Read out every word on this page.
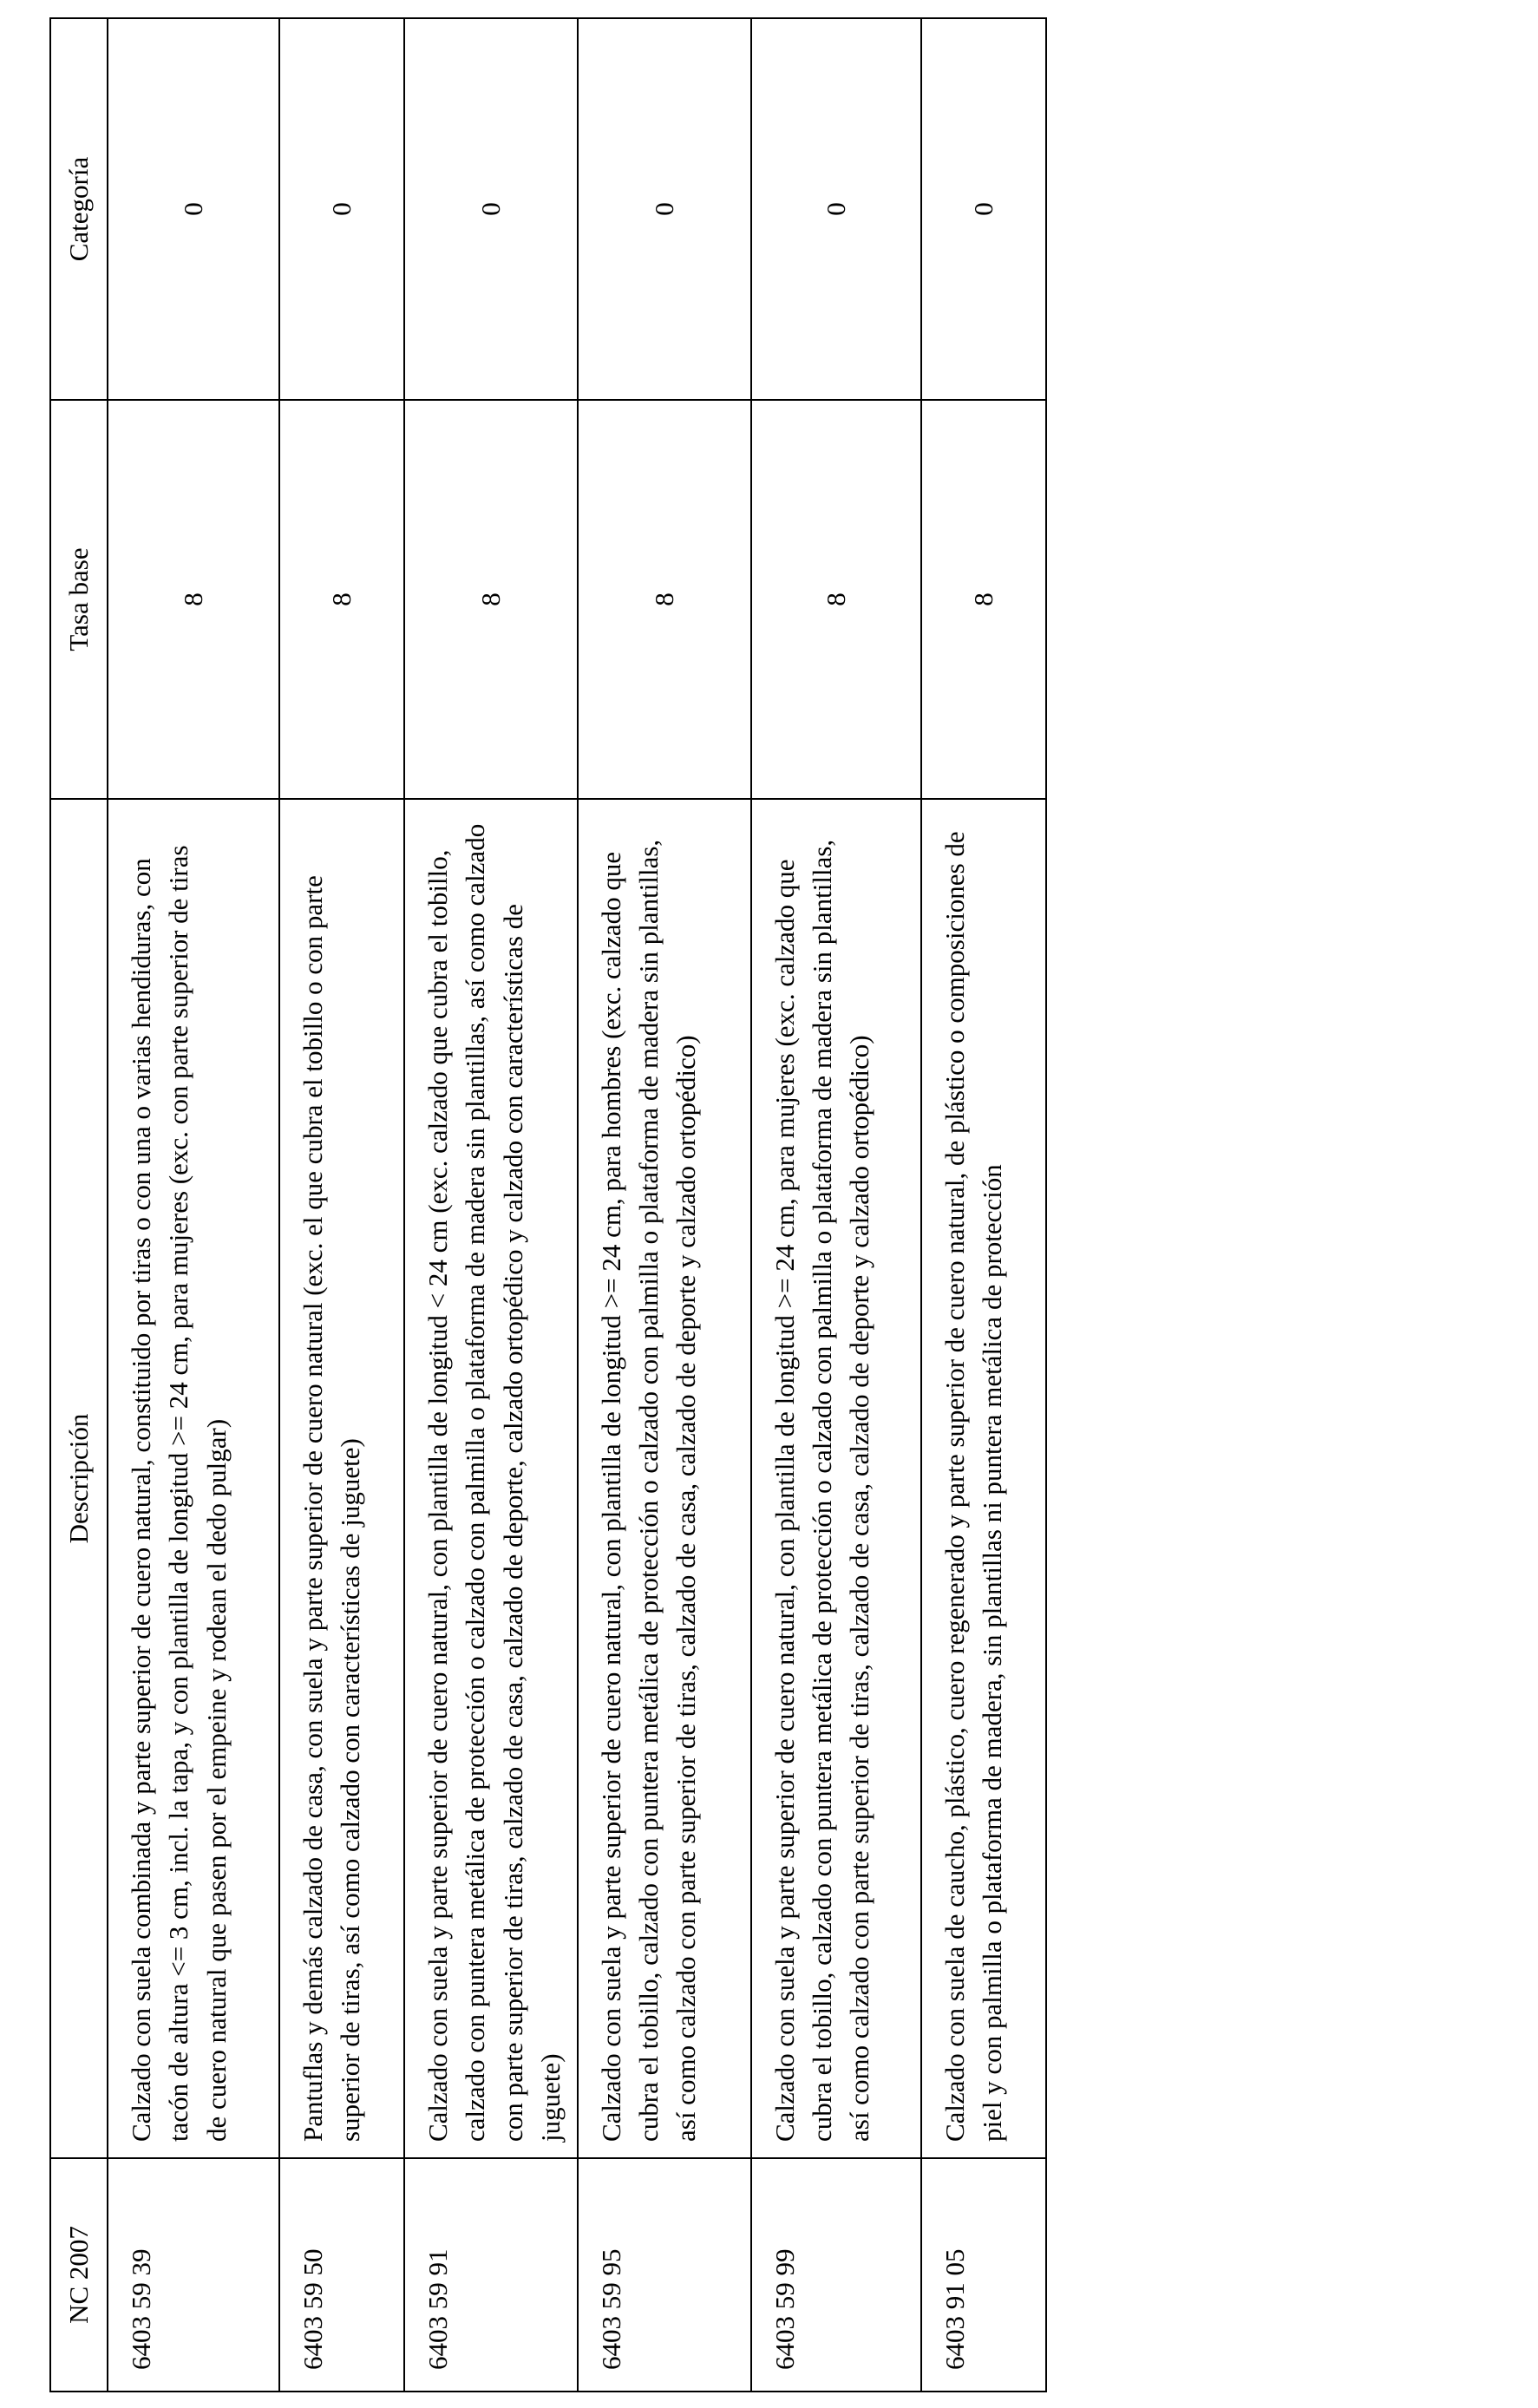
NC 2007	Descripción	Tasa base	Categoría
6403 59 39	Calzado con suela combinada y parte superior de cuero natural, constituido por tiras o con una o varias hendiduras, con tacón de altura <= 3 cm, incl. la tapa, y con plantilla de longitud >= 24 cm, para mujeres (exc. con parte superior de tiras de cuero natural que pasen por el empeine y rodean el dedo pulgar)	8	0
6403 59 50	Pantuflas y demás calzado de casa, con suela y parte superior de cuero natural (exc. el que cubra el tobillo o con parte superior de tiras, así como calzado con características de juguete)	8	0
6403 59 91	Calzado con suela y parte superior de cuero natural, con plantilla de longitud < 24 cm (exc. calzado que cubra el tobillo, calzado con puntera metálica de protección o calzado con palmilla o plataforma de madera sin plantillas, así como calzado con parte superior de tiras, calzado de casa, calzado de deporte, calzado ortopédico y calzado con características de juguete)	8	0
6403 59 95	Calzado con suela y parte superior de cuero natural, con plantilla de longitud >= 24 cm, para hombres (exc. calzado que cubra el tobillo, calzado con puntera metálica de protección o calzado con palmilla o plataforma de madera sin plantillas, así como calzado con parte superior de tiras, calzado de casa, calzado de deporte y calzado ortopédico)	8	0
6403 59 99	Calzado con suela y parte superior de cuero natural, con plantilla de longitud >= 24 cm, para mujeres (exc. calzado que cubra el tobillo, calzado con puntera metálica de protección o calzado con palmilla o plataforma de madera sin plantillas, así como calzado con parte superior de tiras, calzado de casa, calzado de deporte y calzado ortopédico)	8	0
6403 91 05	Calzado con suela de caucho, plástico, cuero regenerado y parte superior de cuero natural, de plástico o composiciones de piel y con palmilla o plataforma de madera, sin plantillas ni puntera metálica de protección	8	0
